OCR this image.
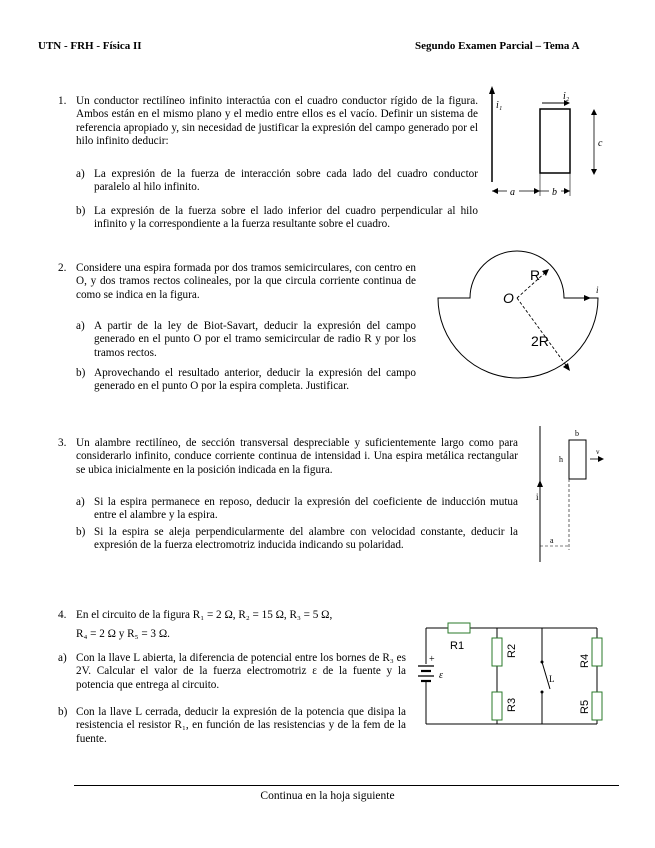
UTN - FRH - Física II	Segundo Examen Parcial – Tema A
1. Un conductor rectilíneo infinito interactúa con el cuadro conductor rígido de la figura. Ambos están en el mismo plano y el medio entre ellos es el vacío. Definir un sistema de referencia apropiado y, sin necesidad de justificar la expresión del campo generado por el hilo infinito deducir:
a) La expresión de la fuerza de interacción sobre cada lado del cuadro conductor paralelo al hilo infinito.
b) La expresión de la fuerza sobre el lado inferior del cuadro perpendicular al hilo infinito y la correspondiente a la fuerza resultante sobre el cuadro.
i₁
i₂
c
a	b
2. Considere una espira formada por dos tramos semicirculares, con centro en O, y dos tramos rectos colineales, por la que circula corriente continua de como se indica en la figura.
a) A partir de la ley de Biot-Savart, deducir la expresión del campo generado en el punto O por el tramo semicircular de radio R y por los tramos rectos.
b) Aprovechando el resultado anterior, deducir la expresión del campo generado en el punto O por la espira completa. Justificar.
i
R
O
2R
3. Un alambre rectilíneo, de sección transversal despreciable y suficientemente largo como para considerarlo infinito, conduce corriente continua de intensidad i. Una espira metálica rectangular se ubica inicialmente en la posición indicada en la figura.
a) Si la espira permanece en reposo, deducir la expresión del coeficiente de inducción mutua entre el alambre y la espira.
b) Si la espira se aleja perpendicularmente del alambre con velocidad constante, deducir la expresión de la fuerza electromotriz inducida indicando su polaridad.
i
b
h
v
a
4. En el circuito de la figura R₁ = 2 Ω, R₂ = 15 Ω, R₃ = 5 Ω,
R₄ = 2 Ω y R₅ = 3 Ω.
a) Con la llave L abierta, la diferencia de potencial entre los bornes de R₃ es 2V. Calcular el valor de la fuerza electromotriz ε de la fuente y la potencia que entrega al circuito.
b) Con la llave L cerrada, deducir la expresión de la potencia que disipa la resistencia el resistor R₁, en función de las resistencias y de la fem de la fuente.
R1	R2
R3
L
R4
R5
+
ε
Continua en la hoja siguiente
